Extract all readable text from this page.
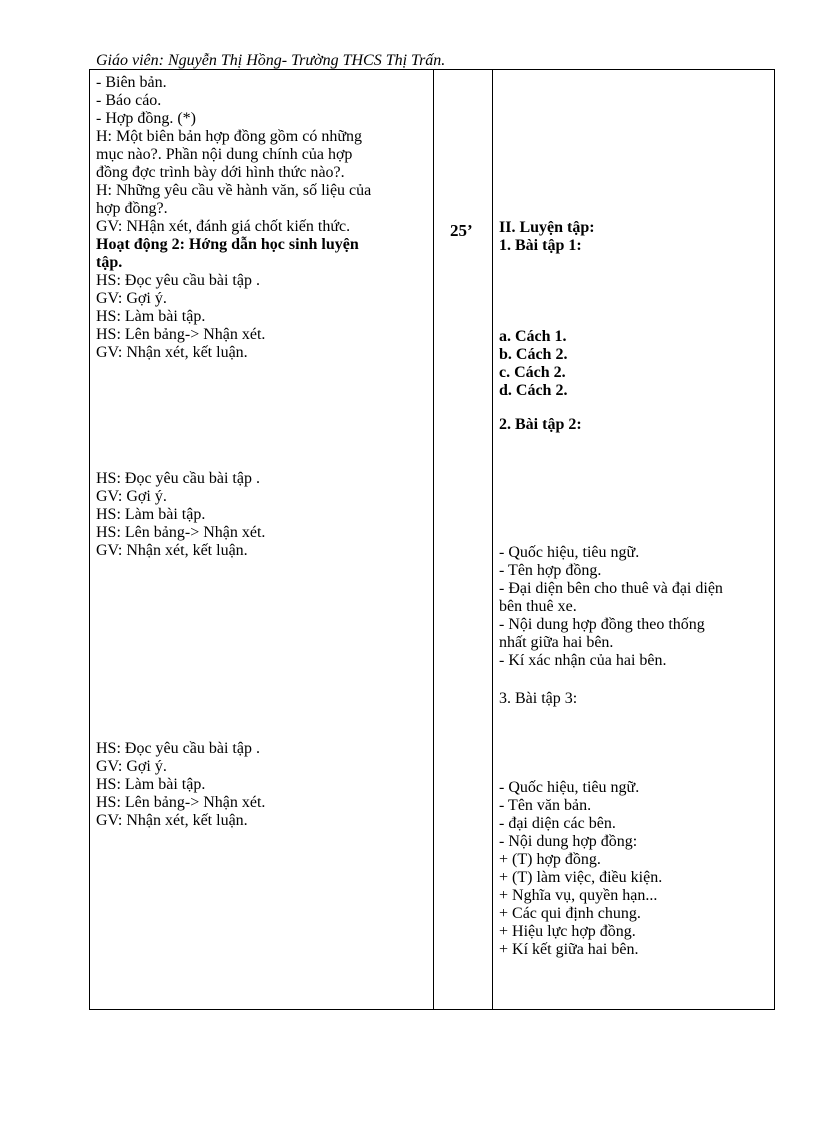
Giáo viên: Nguyễn Thị Hồng- Trường THCS Thị Trấn.
- Biên bản.
- Báo cáo.
- Hợp đồng. (*)
H: Một biên bản hợp đồng gồm có những
mục nào?. Phần nội dung chính của hợp
đồng đợc trình bày dới hình thức nào?.
H: Những yêu cầu về hành văn, số liệu của
hợp đồng?.
GV: NHận xét, đánh giá chốt kiến thức.
Hoạt động 2: Hớng dẫn học sinh luyện
tập.
HS: Đọc yêu cầu bài tập .
GV: Gợi ý.
HS: Làm bài tập.
HS: Lên bảng-> Nhận xét.
GV: Nhận xét, kết luận.
HS: Đọc yêu cầu bài tập .
GV: Gợi ý.
HS: Làm bài tập.
HS: Lên bảng-> Nhận xét.
GV: Nhận xét, kết luận.
HS: Đọc yêu cầu bài tập .
GV: Gợi ý.
HS: Làm bài tập.
HS: Lên bảng-> Nhận xét.
GV: Nhận xét, kết luận.
25’ II. Luyện tập:
1. Bài tập 1:
a. Cách 1.
b. Cách 2.
c. Cách 2.
d. Cách 2.
2. Bài tập 2:
- Quốc hiệu, tiêu ngữ.
- Tên hợp đồng.
- Đại diện bên cho thuê và đại diện
bên thuê xe.
- Nội dung hợp đồng theo thống
nhất giữa hai bên.
- Kí xác nhận của hai bên.
3. Bài tập 3:
- Quốc hiệu, tiêu ngữ.
- Tên văn bản.
- đại diện các bên.
- Nội dung hợp đồng:
+ (T) hợp đồng.
+ (T) làm việc, điều kiện.
+ Nghĩa vụ, quyền hạn...
+ Các qui định chung.
+ Hiệu lực hợp đồng.
+ Kí kết giữa hai bên.
